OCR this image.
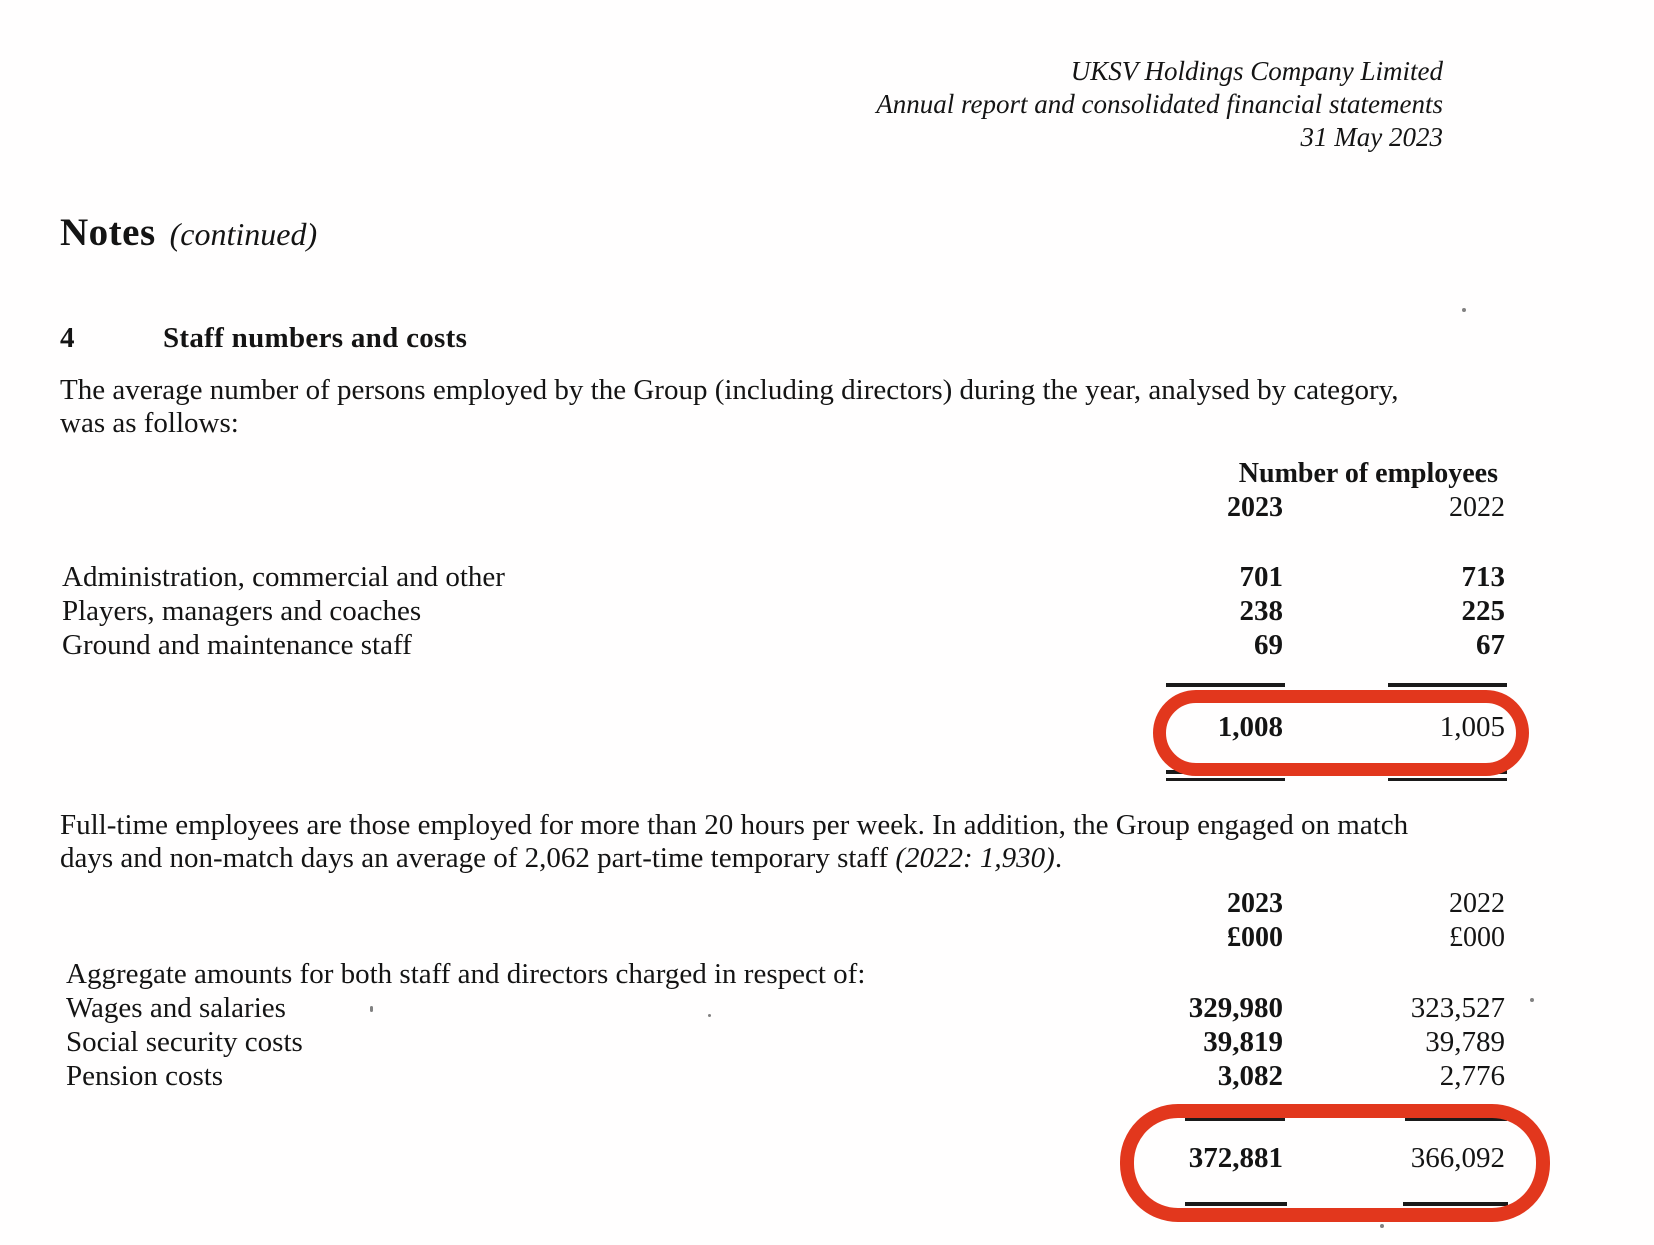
UKSV Holdings Company Limited
Annual report and consolidated financial statements
31 May 2023
Notes (continued)
4	Staff numbers and costs
The average number of persons employed by the Group (including directors) during the year, analysed by category,
was as follows:
Number of employees
2023	2022
Administration, commercial and other	701	713
Players, managers and coaches	238	225
Ground and maintenance staff	69	67
1,008	1,005
Full-time employees are those employed for more than 20 hours per week. In addition, the Group engaged on match
days and non-match days an average of 2,062 part-time temporary staff (2022: 1,930).
2023	2022
£000	£000
Aggregate amounts for both staff and directors charged in respect of:
Wages and salaries	329,980	323,527
Social security costs	39,819	39,789
Pension costs	3,082	2,776
372,881	366,092
